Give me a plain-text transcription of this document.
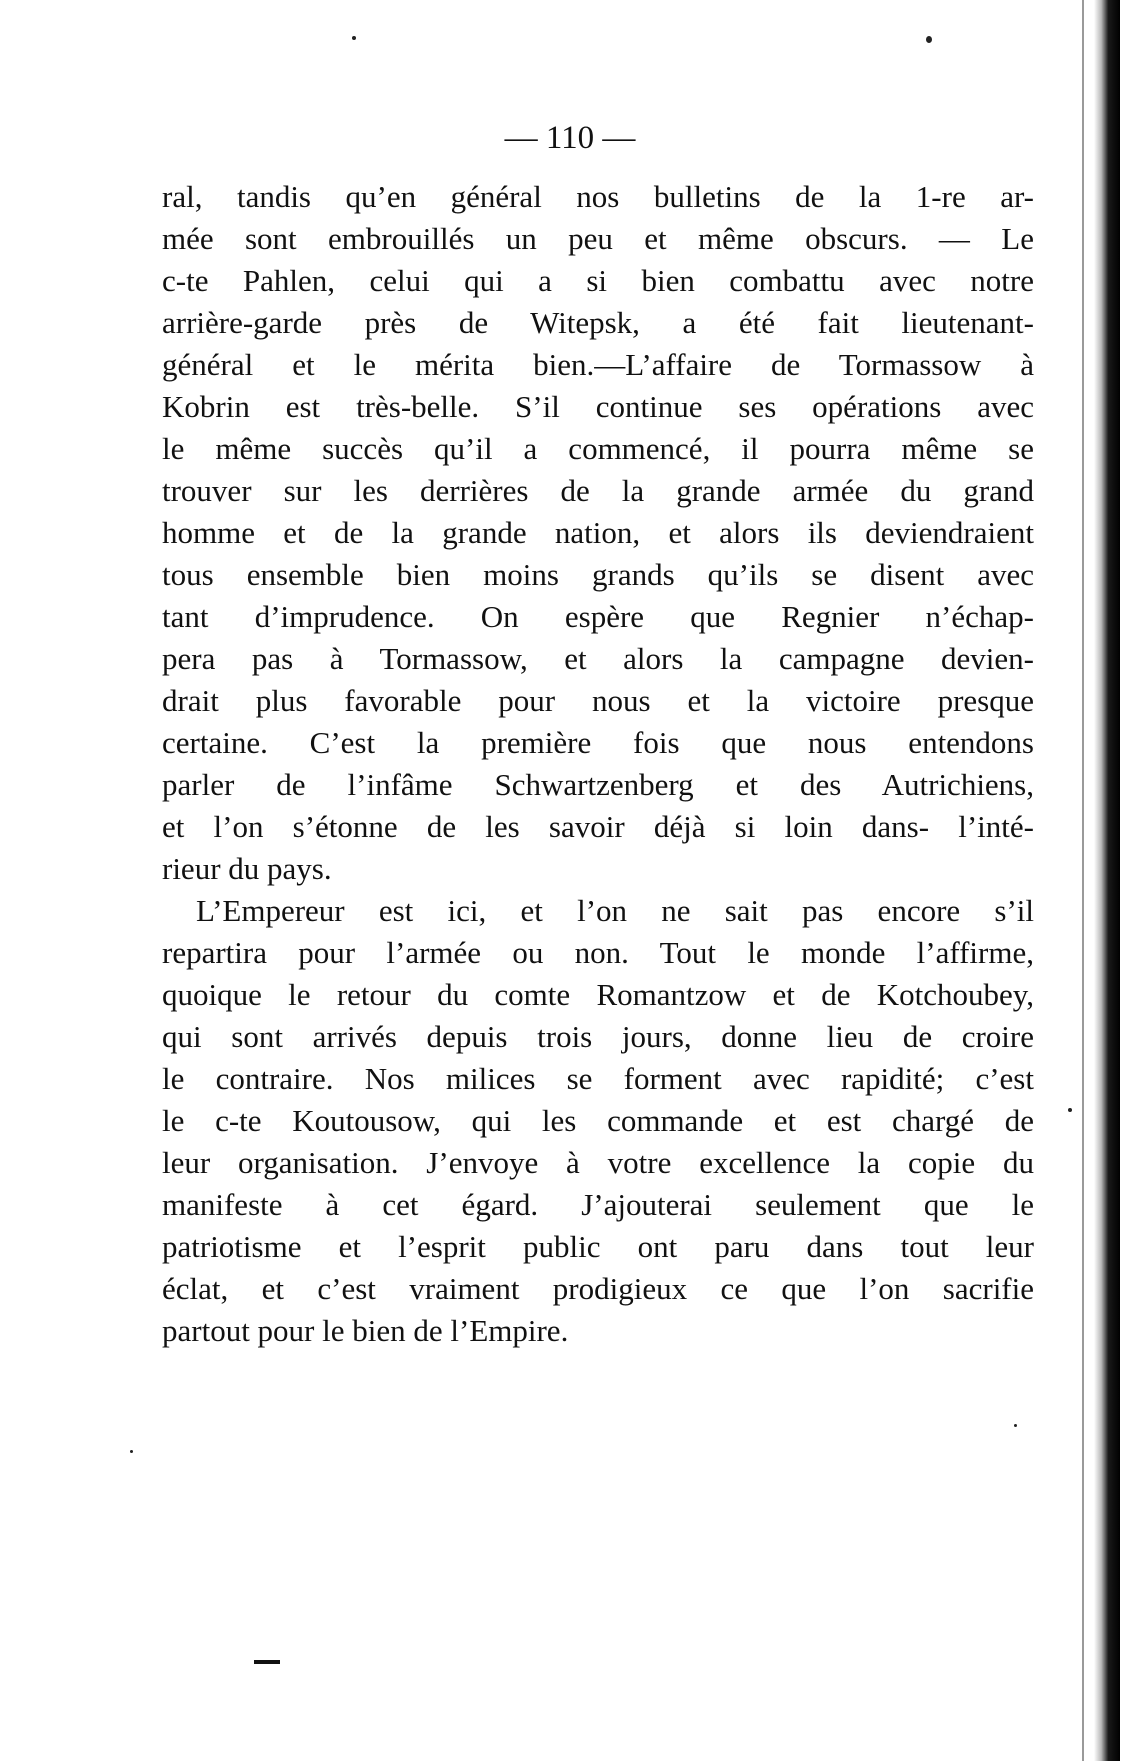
— 110 —
ral, tandis qu’en général nos bulletins de la 1-re ar-
mée sont embrouillés un peu et même obscurs. — Le
c-te Pahlen, celui qui a si bien combattu avec notre
arrière-garde près de Witepsk, a été fait lieutenant-
général et le mérita bien.—L’affaire de Tormassow à
Kobrin est très-belle. S’il continue ses opérations avec
le même succès qu’il a commencé, il pourra même se
trouver sur les derrières de la grande armée du grand
homme et de la grande nation, et alors ils deviendraient
tous ensemble bien moins grands qu’ils se disent avec
tant d’imprudence. On espère que Regnier n’échap-
pera pas à Tormassow, et alors la campagne devien-
drait plus favorable pour nous et la victoire presque
certaine. C’est la première fois que nous entendons
parler de l’infâme Schwartzenberg et des Autrichiens,
et l’on s’étonne de les savoir déjà si loin dans- l’inté-
rieur du pays.
L’Empereur est ici, et l’on ne sait pas encore s’il
repartira pour l’armée ou non. Tout le monde l’affirme,
quoique le retour du comte Romantzow et de Kotchoubey,
qui sont arrivés depuis trois jours, donne lieu de croire
le contraire. Nos milices se forment avec rapidité; c’est
le c-te Koutousow, qui les commande et est chargé de
leur organisation. J’envoye à votre excellence la copie du
manifeste à cet égard. J’ajouterai seulement que le
patriotisme et l’esprit public ont paru dans tout leur
éclat, et c’est vraiment prodigieux ce que l’on sacrifie
partout pour le bien de l’Empire.
